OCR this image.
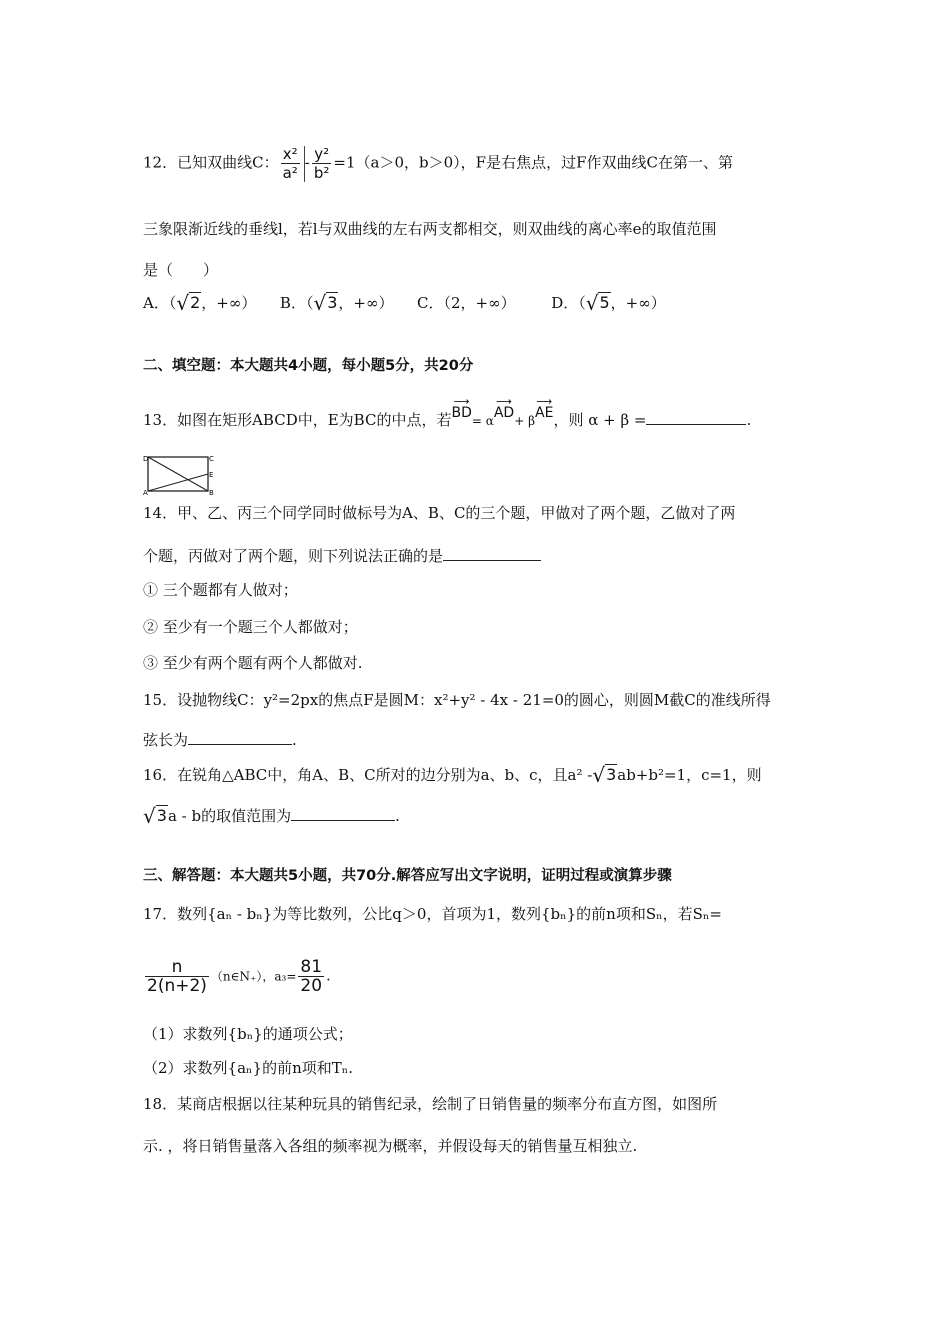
12．已知双曲线C： $\frac{\text{x²}}{\text{a²}} - \frac{\text{y²}}{\text{b²}} =1(a>0$，b＞0），F是右焦点，过F作双曲线C在第一、第
三象限渐近线的垂线l，若l与双曲线的左右两支都相交，则双曲线的离心率e的取值范围
是（　　）
A．（√2，+∞） B．（√3，+∞） C．（2，+∞） D．（√5，+∞）
二、填空题：本大题共4小题，每小题5分，共20分
13．如图在矩形ABCD中，E为BC的中点，若
⟶
BD = α
⟶
AD + β
⟶
AE ，则 α + β =	.
D	C
A	B
E
14．甲、乙、丙三个同学同时做标号为A、B、C的三个题，甲做对了两个题，乙做对了两
个题，丙做对了两个题，则下列说法正确的是
① 三个题都有人做对；
② 至少有一个题三个人都做对；
③ 至少有两个题有两个人都做对.
15．设抛物线C：y²=2px的焦点F是圆M：x²+y² - 4x - 21=0的圆心，则圆M截C的准线所得
弦长为	.
16．在锐角△ABC中，角A、B、C所对的边分别为a、b、c，且a² -√3ab+b²=1，c=1，则
√3a - b的取值范围为	.
三、解答题：本大题共5小题，共70分.解答应写出文字说明，证明过程或演算步骤
17．数列{aₙ - bₙ}为等比数列，公比q＞0，首项为1，数列{bₙ}的前n项和Sₙ，若Sₙ=
$\frac{n}{2(n+2)}$ （n∈N₊），$a_3= \frac{81}{20}$ .
（1）求数列{bₙ}的通项公式；
（2）求数列{aₙ}的前n项和Tₙ.
18．某商店根据以往某种玩具的销售纪录，绘制了日销售量的频率分布直方图，如图所
示. ，将日销售量落入各组的频率视为概率，并假设每天的销售量互相独立.
